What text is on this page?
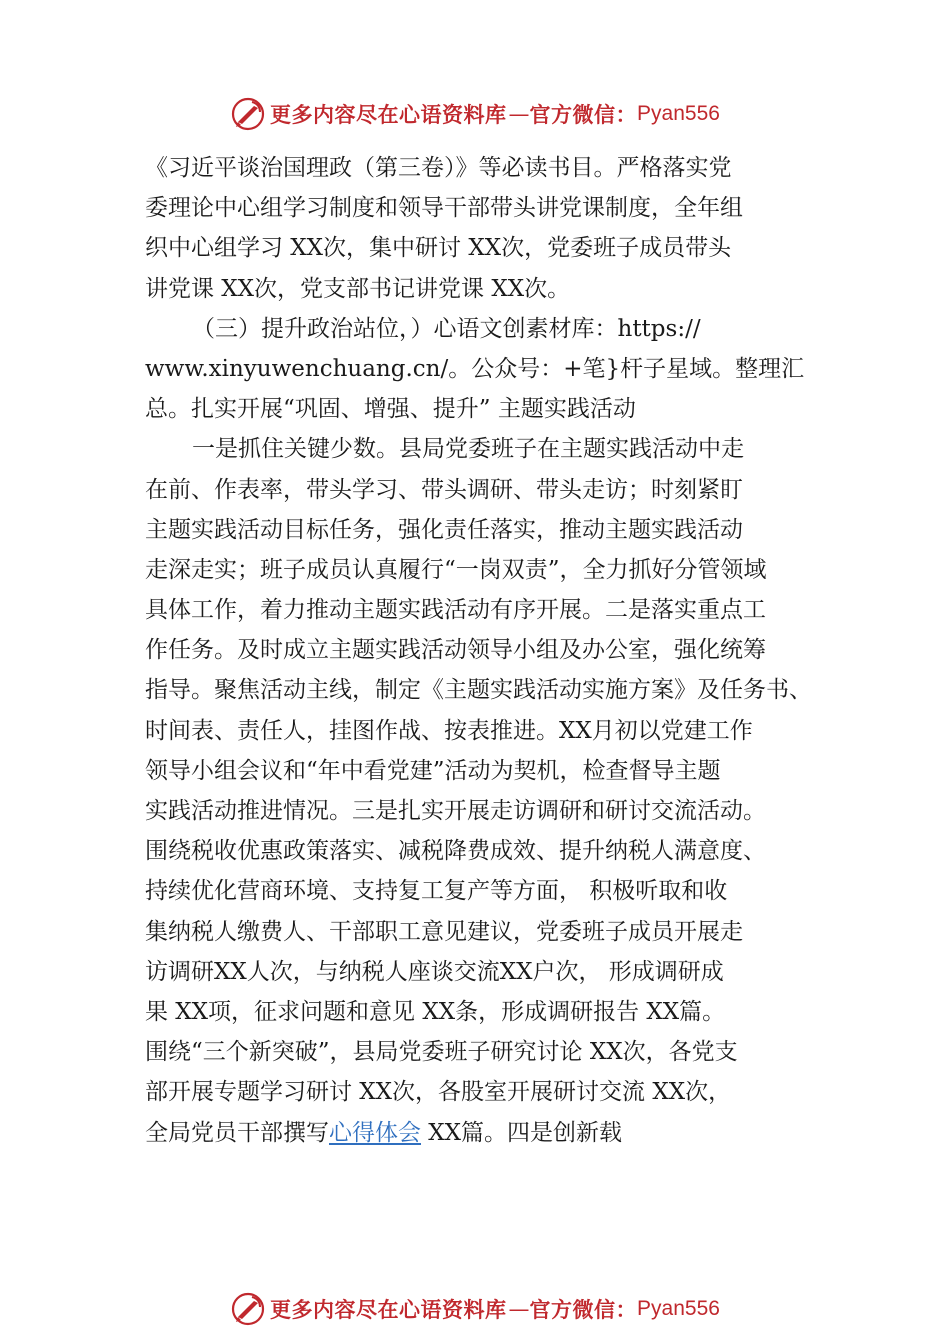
更多内容尽在心语资料库 — 官方微信： Pyan556
《习近平谈治国理政（第三卷）》等必读书目。严格落实党
委理论中心组学习制度和领导干部带头讲党课制度，全年组
织中心组学习 XX次，集中研讨 XX次，党委班子成员带头
讲党课 XX次，党支部书记讲党课 XX次。
（三）提升政治站位，）心语文创素材库：https://
www.xinyuwenchuang.cn/。公众号：+笔}杆子星域。整理汇
总。扎实开展“巩固、增强、提升” 主题实践活动
一是抓住关键少数。县局党委班子在主题实践活动中走
在前、作表率，带头学习、带头调研、带头走访；时刻紧盯
主题实践活动目标任务，强化责任落实，推动主题实践活动
走深走实；班子成员认真履行“一岗双责”，全力抓好分管领域
具体工作，着力推动主题实践活动有序开展。二是落实重点工
作任务。及时成立主题实践活动领导小组及办公室，强化统筹
指导。聚焦活动主线，制定《主题实践活动实施方案》及任务书、
时间表、责任人，挂图作战、按表推进。XX月初以党建工作
领导小组会议和“年中看党建”活动为契机，检查督导主题
实践活动推进情况。三是扎实开展走访调研和研讨交流活动。
围绕税收优惠政策落实、减税降费成效、提升纳税人满意度、
持续优化营商环境、支持复工复产等方面， 积极听取和收
集纳税人缴费人、干部职工意见建议，党委班子成员开展走
访调研XX人次，与纳税人座谈交流XX户次， 形成调研成
果 XX项，征求问题和意见 XX条，形成调研报告 XX篇。
围绕“三个新突破”，县局党委班子研究讨论 XX次，各党支
部开展专题学习研讨 XX次，各股室开展研讨交流 XX次，
全局党员干部撰写心得体会 XX篇。四是创新载
更多内容尽在心语资料库 — 官方微信： Pyan556
